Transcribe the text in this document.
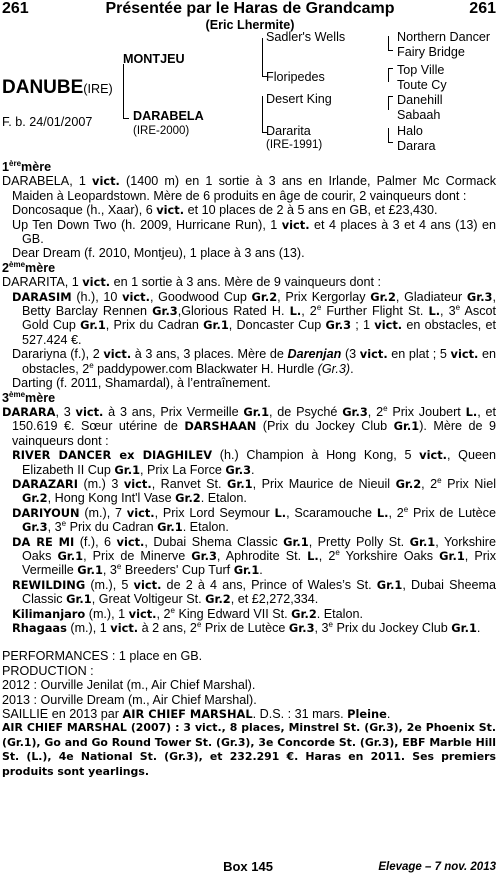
261	Présentée par le Haras de Grandcamp	261
(Eric Lhermite)
DANUBE(IRE)
F. b. 24/01/2007
MONTJEU
DARABELA
(IRE-2000)
Sadler's Wells
Floripedes
Desert King
Dararita
(IRE-1991)
Northern Dancer
Fairy Bridge
Top Ville
Toute Cy
Danehill
Sabaah
Halo
Darara

1èremère

DARABELA, 1 vict. (1400 m) en 1 sortie à 3 ans en Irlande, Palmer Mc Cormack Maiden à Leopardstown. Mère de 6 produits en âge de courir, 2 vainqueurs dont :

Doncosaque (h., Xaar), 6 vict. et 10 places de 2 à 5 ans en GB, et £23,430.

Up Ten Down Two (h. 2009, Hurricane Run), 1 vict. et 4 places à 3 et 4 ans (13) en GB.

Dear Dream (f. 2010, Montjeu), 1 place à 3 ans (13).

2èmemère

DARARITA, 1 vict. en 1 sortie à 3 ans. Mère de 9 vainqueurs dont :

DARASIM (h.), 10 vict., Goodwood Cup Gr.2, Prix Kergorlay Gr.2, Gladiateur Gr.3, Betty Barclay Rennen Gr.3,Glorious Rated H. L., 2e Further Flight St. L., 3e Ascot Gold Cup Gr.1, Prix du Cadran Gr.1, Doncaster Cup Gr.3 ; 1 vict. en obstacles, et 527.424 €.

Darariyna (f.), 2 vict. à 3 ans, 3 places. Mère de Darenjan (3 vict. en plat ; 5 vict. en obstacles, 2e paddypower.com Blackwater H. Hurdle (Gr.3).

Darting (f. 2011, Shamardal), à l’entraînement.

3èmemère

DARARA, 3 vict. à 3 ans, Prix Vermeille Gr.1, de Psyché Gr.3, 2e Prix Joubert L., et 150.619 €. Sœur utérine de DARSHAAN (Prix du Jockey Club Gr.1). Mère de 9 vainqueurs dont :

RIVER DANCER ex DIAGHILEV (h.) Champion à Hong Kong, 5 vict., Queen Elizabeth II Cup Gr.1, Prix La Force Gr.3.

DARAZARI (m.) 3 vict., Ranvet St. Gr.1, Prix Maurice de Nieuil Gr.2, 2e Prix Niel Gr.2, Hong Kong Int'l Vase Gr.2. Etalon.

DARIYOUN (m.), 7 vict., Prix Lord Seymour L., Scaramouche L., 2e Prix de Lutèce Gr.3, 3e Prix du Cadran Gr.1. Etalon.

DA RE MI (f.), 6 vict., Dubai Shema Classic Gr.1, Pretty Polly St. Gr.1, Yorkshire Oaks Gr.1, Prix de Minerve Gr.3, Aphrodite St. L., 2e Yorkshire Oaks Gr.1, Prix Vermeille Gr.1, 3e Breeders' Cup Turf Gr.1.

REWILDING (m.), 5 vict. de 2 à 4 ans, Prince of Wales’s St. Gr.1, Dubai Sheema Classic Gr.1, Great Voltigeur St. Gr.2, et £2,272,334.

Kilimanjaro (m.), 1 vict., 2e King Edward VII St. Gr.2. Etalon.

Rhagaas (m.), 1 vict. à 2 ans, 2e Prix de Lutèce Gr.3, 3e Prix du Jockey Club Gr.1.

PERFORMANCES : 1 place en GB.

PRODUCTION :

2012 : Ourville Jenilat (m., Air Chief Marshal).

2013 : Ourville Dream (m., Air Chief Marshal).

SAILLIE en 2013 par AIR CHIEF MARSHAL. D.S. : 31 mars. Pleine.

AIR CHIEF MARSHAL (2007) : 3 vict., 8 places, Minstrel St. (Gr.3), 2e Phoenix St. (Gr.1), Go and Go Round Tower St. (Gr.3), 3e Concorde St. (Gr.3), EBF Marble Hill St. (L.), 4e National St. (Gr.3), et 232.291 €. Haras en 2011. Ses premiers produits sont yearlings.

Box 145	Elevage – 7 nov. 2013
